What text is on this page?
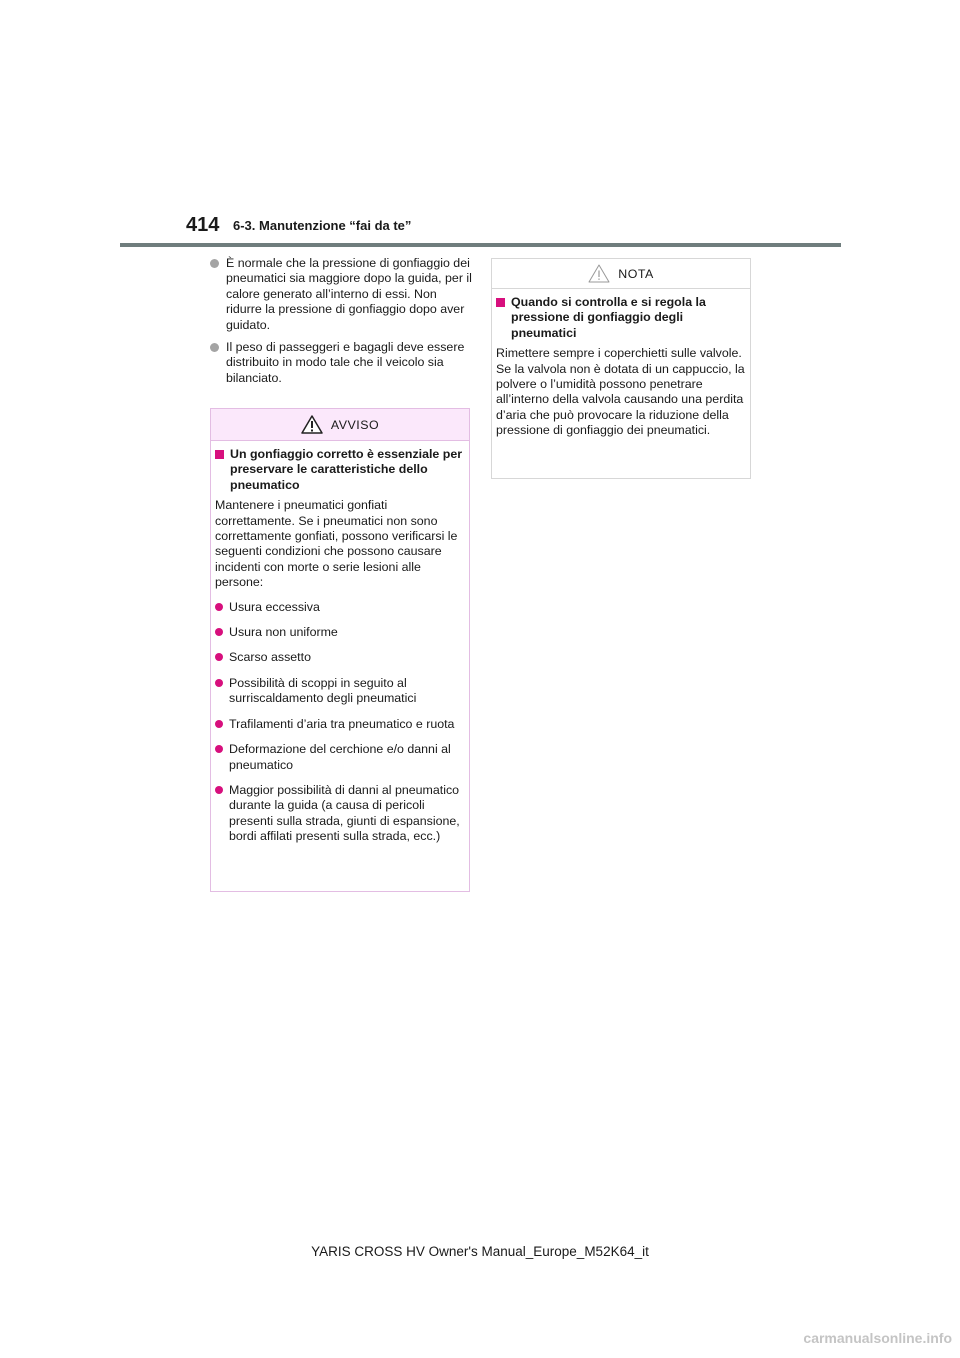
414 6-3. Manutenzione “fai da te”
È normale che la pressione di gonfiaggio dei pneumatici sia maggiore dopo la guida, per il calore generato all’interno di essi. Non ridurre la pressione di gonfiaggio dopo aver guidato.
Il peso di passeggeri e bagagli deve essere distribuito in modo tale che il veicolo sia bilanciato.
AVVISO
Un gonfiaggio corretto è essenziale per preservare le caratteristiche dello pneumatico
Mantenere i pneumatici gonfiati correttamente. Se i pneumatici non sono correttamente gonfiati, possono verificarsi le seguenti condizioni che possono causare incidenti con morte o serie lesioni alle persone:
Usura eccessiva
Usura non uniforme
Scarso assetto
Possibilità di scoppi in seguito al surriscaldamento degli pneumatici
Trafilamenti d’aria tra pneumatico e ruota
Deformazione del cerchione e/o danni al pneumatico
Maggior possibilità di danni al pneumatico durante la guida (a causa di pericoli presenti sulla strada, giunti di espansione, bordi affilati presenti sulla strada, ecc.)
NOTA
Quando si controlla e si regola la pressione di gonfiaggio degli pneumatici
Rimettere sempre i coperchietti sulle valvole. Se la valvola non è dotata di un cappuccio, la polvere o l’umidità possono penetrare all’interno della valvola causando una perdita d’aria che può provocare la riduzione della pressione di gonfiaggio dei pneumatici.
YARIS CROSS HV Owner's Manual_Europe_M52K64_it
carmanualsonline.info
